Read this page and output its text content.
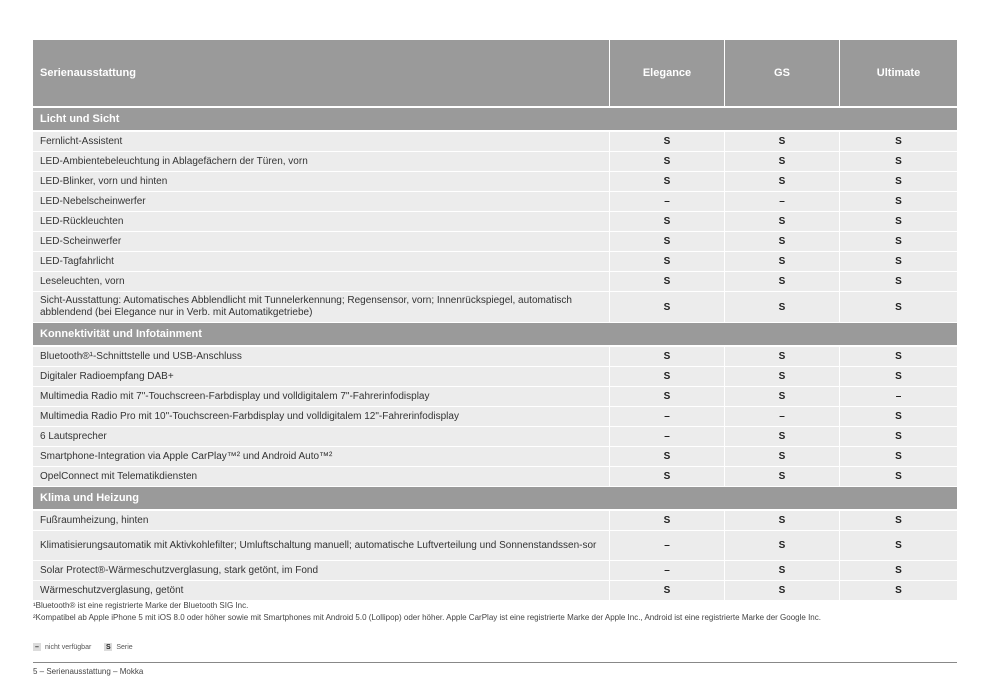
Serienausstattung	Elegance	GS	Ultimate
Licht und Sicht
Fernlicht-Assistent	S	S	S
LED-Ambientebeleuchtung in Ablagefächern der Türen, vorn	S	S	S
LED-Blinker, vorn und hinten	S	S	S
LED-Nebelscheinwerfer	–	–	S
LED-Rückleuchten	S	S	S
LED-Scheinwerfer	S	S	S
LED-Tagfahrlicht	S	S	S
Leseleuchten, vorn	S	S	S
Sicht-Ausstattung: Automatisches Abblendlicht mit Tunnelerkennung; Regensensor, vorn; Innenrückspiegel, automatisch abblendend (bei Elegance nur in Verb. mit Automatikgetriebe)	S	S	S
Konnektivität und Infotainment
Bluetooth®¹-Schnittstelle und USB-Anschluss	S	S	S
Digitaler Radioempfang DAB+	S	S	S
Multimedia Radio mit 7"-Touchscreen-Farbdisplay und volldigitalem 7"-Fahrerinfodisplay	S	S	–
Multimedia Radio Pro mit 10"-Touchscreen-Farbdisplay und volldigitalem 12"-Fahrerinfodisplay	–	–	S
6 Lautsprecher	–	S	S
Smartphone-Integration via Apple CarPlay™² und Android Auto™²	S	S	S
OpelConnect mit Telematikdiensten	S	S	S
Klima und Heizung
Fußraumheizung, hinten	S	S	S
Klimatisierungsautomatik mit Aktivkohlefilter; Umluftschaltung manuell; automatische Luftverteilung und Sonnenstandssen-sor	–	S	S
Solar Protect®-Wärmeschutzverglasung, stark getönt, im Fond	–	S	S
Wärmeschutzverglasung, getönt	S	S	S
¹Bluetooth® ist eine registrierte Marke der Bluetooth SIG Inc.
²Kompatibel ab Apple iPhone 5 mit iOS 8.0 oder höher sowie mit Smartphones mit Android 5.0 (Lollipop) oder höher. Apple CarPlay ist eine registrierte Marke der Apple Inc., Android ist eine registrierte Marke der Google Inc.
– nicht verfügbar S Serie
5 – Serienausstattung – Mokka
